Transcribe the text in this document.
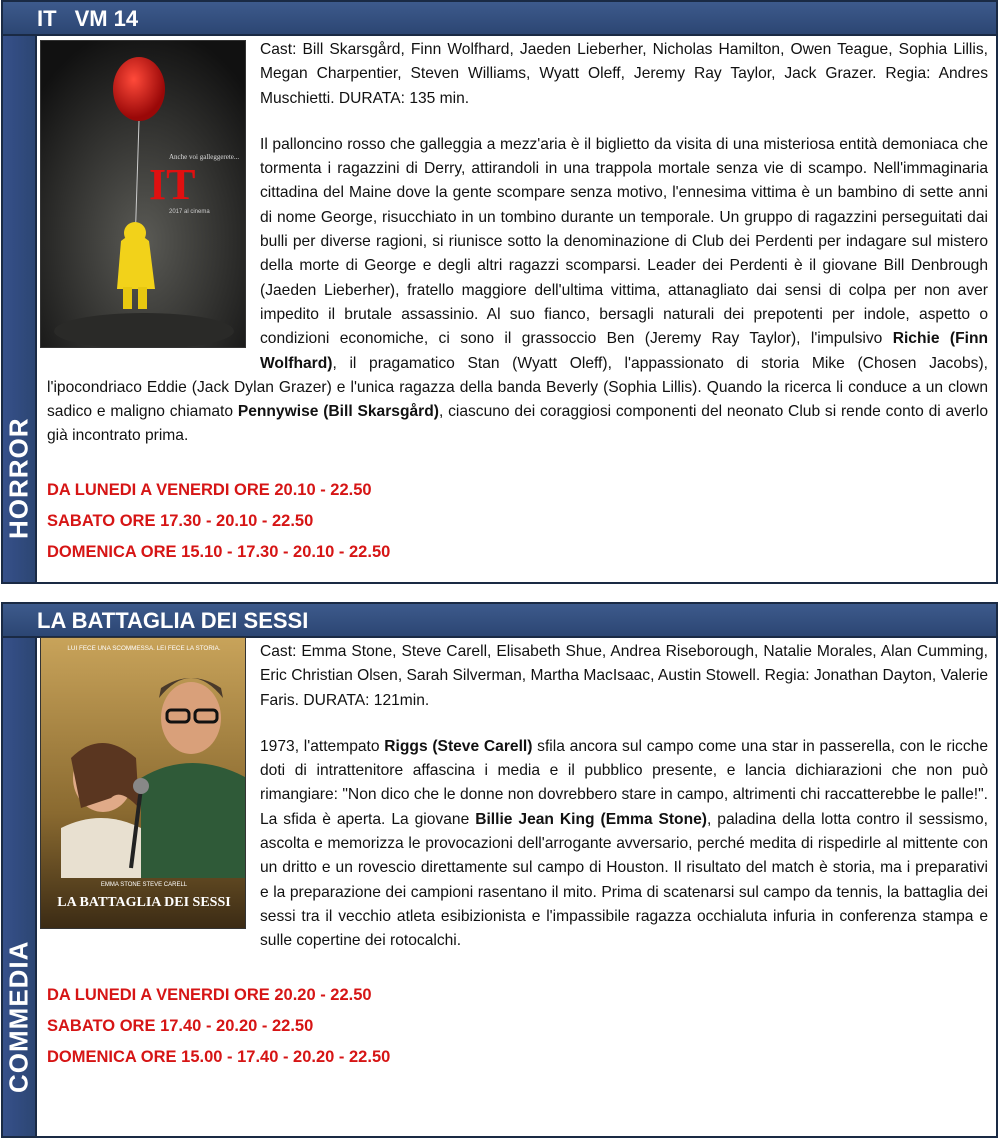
IT VM 14
HORROR
Anche voi galleggerete...
IT
2017 al cinema

Cast: Bill Skarsgård, Finn Wolfhard, Jaeden Lieberher, Nicholas Hamilton, Owen Teague, Sophia Lillis, Megan Charpentier, Steven Williams, Wyatt Oleff, Jeremy Ray Taylor, Jack Grazer. Regia: Andres Muschietti. DURATA: 135 min.

Il palloncino rosso che galleggia a mezz'aria è il biglietto da visita di una misteriosa entità demoniaca che tormenta i ragazzini di Derry, attirandoli in una trappola mortale senza vie di scampo. Nell'immaginaria cittadina del Maine dove la gente scompare senza motivo, l'ennesima vittima è un bambino di sette anni di nome George, risucchiato in un tombino durante un temporale. Un gruppo di ragazzini perseguitati dai bulli per diverse ragioni, si riunisce sotto la denominazione di Club dei Perdenti per indagare sul mistero della morte di George e degli altri ragazzi scomparsi. Leader dei Perdenti è il giovane Bill Denbrough (Jaeden Lieberher), fratello maggiore dell'ultima vittima, attanagliato dai sensi di colpa per non aver impedito il brutale assassinio. Al suo fianco, bersagli naturali dei prepotenti per indole, aspetto o condizioni economiche, ci sono il grassoccio Ben (Jeremy Ray Taylor), l'impulsivo Richie (Finn Wolfhard), il pragamatico Stan (Wyatt Oleff), l'appassionato di storia Mike (Chosen Jacobs), l'ipocondriaco Eddie (Jack Dylan Grazer) e l'unica ragazza della banda Beverly (Sophia Lillis). Quando la ricerca li conduce a un clown sadico e maligno chiamato Pennywise (Bill Skarsgård), ciascuno dei coraggiosi componenti del neonato Club si rende conto di averlo già incontrato prima.

DA LUNEDI A VENERDI ORE 20.10 - 22.50
SABATO ORE 17.30 - 20.10 - 22.50
DOMENICA ORE 15.10 - 17.30 - 20.10 - 22.50
LA BATTAGLIA DEI SESSI
COMMEDIA
LUI FECE UNA SCOMMESSA. LEI FECE LA STORIA.
EMMA STONE STEVE CARELL
LA BATTAGLIA DEI SESSI

Cast: Emma Stone, Steve Carell, Elisabeth Shue, Andrea Riseborough, Natalie Morales, Alan Cumming, Eric Christian Olsen, Sarah Silverman, Martha MacIsaac, Austin Stowell. Regia: Jonathan Dayton, Valerie Faris. DURATA: 121min.

1973, l'attempato Riggs (Steve Carell) sfila ancora sul campo come una star in passerella, con le ricche doti di intrattenitore affascina i media e il pubblico presente, e lancia dichiarazioni che non può rimangiare: "Non dico che le donne non dovrebbero stare in campo, altrimenti chi raccatterebbe le palle!". La sfida è aperta. La giovane Billie Jean King (Emma Stone), paladina della lotta contro il sessismo, ascolta e memorizza le provocazioni dell'arrogante avversario, perché medita di rispedirle al mittente con un dritto e un rovescio direttamente sul campo di Houston. Il risultato del match è storia, ma i preparativi e la preparazione dei campioni rasentano il mito. Prima di scatenarsi sul campo da tennis, la battaglia dei sessi tra il vecchio atleta esibizionista e l'impassibile ragazza occhialuta infuria in conferenza stampa e sulle copertine dei rotocalchi.

DA LUNEDI A VENERDI ORE 20.20 - 22.50
SABATO ORE 17.40 - 20.20 - 22.50
DOMENICA ORE 15.00 - 17.40 - 20.20 - 22.50
